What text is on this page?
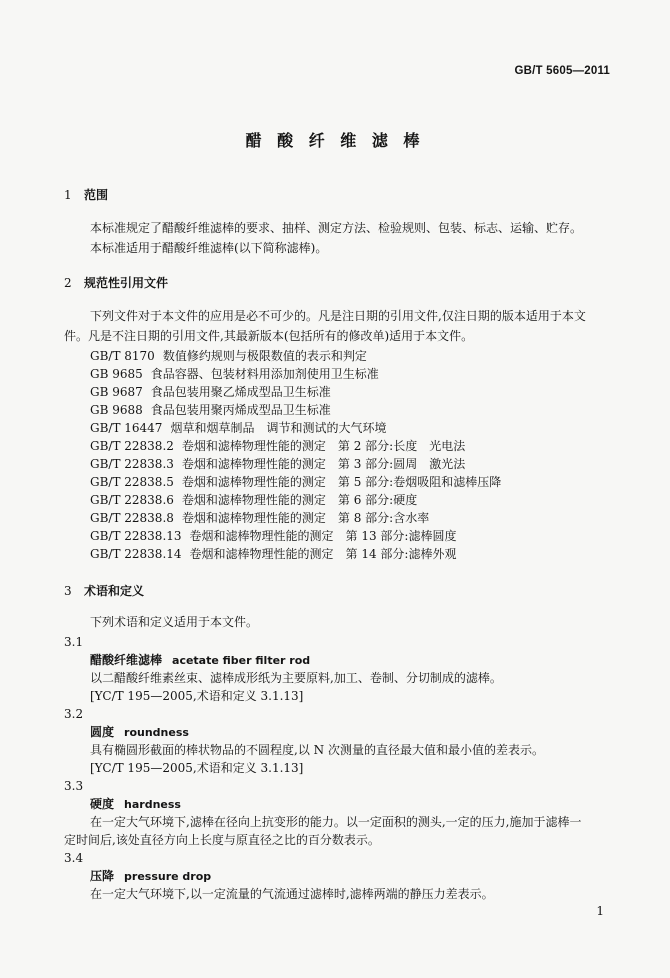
GB/T 5605—2011
醋 酸 纤 维 滤 棒
1 范围
本标准规定了醋酸纤维滤棒的要求、抽样、测定方法、检验规则、包装、标志、运输、贮存。
本标准适用于醋酸纤维滤棒(以下简称滤棒)。
2 规范性引用文件
下列文件对于本文件的应用是必不可少的。凡是注日期的引用文件,仅注日期的版本适用于本文
件。凡是不注日期的引用文件,其最新版本(包括所有的修改单)适用于本文件。
GB/T 8170 数值修约规则与极限数值的表示和判定
GB 9685 食品容器、包装材料用添加剂使用卫生标准
GB 9687 食品包装用聚乙烯成型品卫生标准
GB 9688 食品包装用聚丙烯成型品卫生标准
GB/T 16447 烟草和烟草制品　调节和测试的大气环境
GB/T 22838.2 卷烟和滤棒物理性能的测定　第 2 部分:长度　光电法
GB/T 22838.3 卷烟和滤棒物理性能的测定　第 3 部分:圆周　激光法
GB/T 22838.5 卷烟和滤棒物理性能的测定　第 5 部分:卷烟吸阻和滤棒压降
GB/T 22838.6 卷烟和滤棒物理性能的测定　第 6 部分:硬度
GB/T 22838.8 卷烟和滤棒物理性能的测定　第 8 部分:含水率
GB/T 22838.13 卷烟和滤棒物理性能的测定　第 13 部分:滤棒圆度
GB/T 22838.14 卷烟和滤棒物理性能的测定　第 14 部分:滤棒外观
3 术语和定义
下列术语和定义适用于本文件。
3.1
醋酸纤维滤棒 acetate fiber filter rod
以二醋酸纤维素丝束、滤棒成形纸为主要原料,加工、卷制、分切制成的滤棒。
[YC/T 195—2005,术语和定义 3.1.13]
3.2
圆度 roundness
具有椭圆形截面的棒状物品的不圆程度,以 N 次测量的直径最大值和最小值的差表示。
[YC/T 195—2005,术语和定义 3.1.13]
3.3
硬度 hardness
在一定大气环境下,滤棒在径向上抗变形的能力。以一定面积的测头,一定的压力,施加于滤棒一
定时间后,该处直径方向上长度与原直径之比的百分数表示。
3.4
压降 pressure drop
在一定大气环境下,以一定流量的气流通过滤棒时,滤棒两端的静压力差表示。
1
